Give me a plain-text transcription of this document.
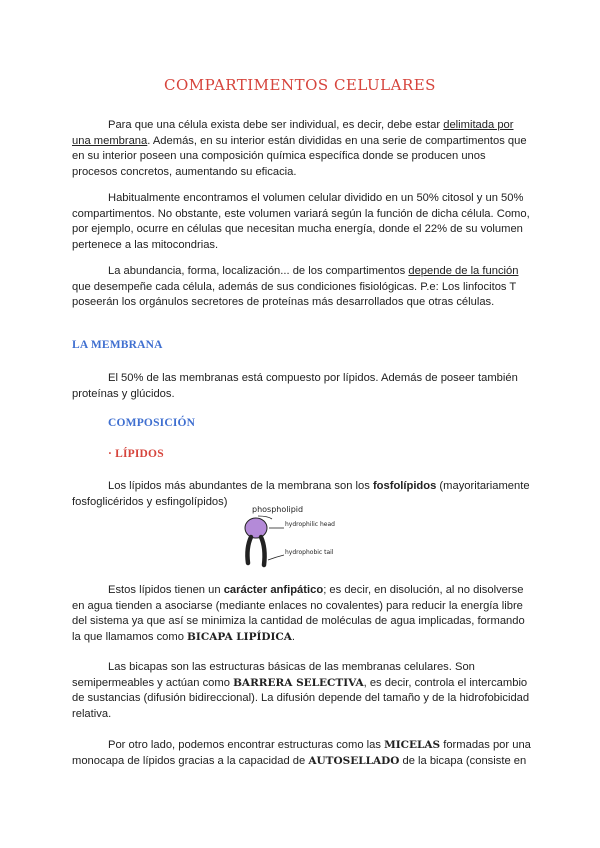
COMPARTIMENTOS CELULARES
Para que una célula exista debe ser individual, es decir, debe estar delimitada por una membrana. Además, en su interior están divididas en una serie de compartimentos que en su interior poseen una composición química específica donde se producen unos procesos concretos, aumentando su eficacia.
Habitualmente encontramos el volumen celular dividido en un 50% citosol y un 50% compartimentos. No obstante, este volumen variará según la función de dicha célula. Como, por ejemplo, ocurre en células que necesitan mucha energía, donde el 22% de su volumen pertenece a las mitocondrias.
La abundancia, forma, localización... de los compartimentos depende de la función que desempeñe cada célula, además de sus condiciones fisiológicas. P.e: Los linfocitos T poseerán los orgánulos secretores de proteínas más desarrollados que otras células.
LA MEMBRANA
El 50% de las membranas está compuesto por lípidos. Además de poseer también proteínas y glúcidos.
COMPOSICIÓN
· LÍPIDOS
Los lípidos más abundantes de la membrana son los fosfolípidos (mayoritariamente fosfoglicéridos y esfingolípidos)
phospholipid
hydrophilic head
hydrophobic tail
Estos lípidos tienen un carácter anfipático; es decir, en disolución, al no disolverse en agua tienden a asociarse (mediante enlaces no covalentes) para reducir la energía libre del sistema ya que así se minimiza la cantidad de moléculas de agua implicadas, formando la que llamamos como BICAPA LIPÍDICA.
Las bicapas son las estructuras básicas de las membranas celulares. Son semipermeables y actúan como BARRERA SELECTIVA, es decir, controla el intercambio de sustancias (difusión bidireccional). La difusión depende del tamaño y de la hidrofobicidad relativa.
Por otro lado, podemos encontrar estructuras como las MICELAS formadas por una monocapa de lípidos gracias a la capacidad de AUTOSELLADO de la bicapa (consiste en
